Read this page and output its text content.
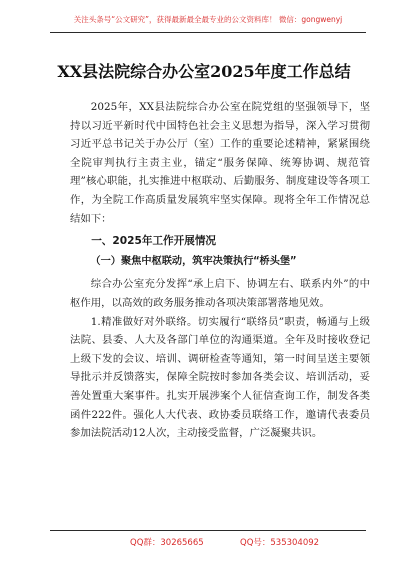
关注头条号“公文研究”，获得最新最全最专业的公文资料库！ 微信：gongwenyj
XX县法院综合办公室2025年度工作总结

2025年，XX县法院综合办公室在院党组的坚强领导下，坚持以习近平新时代中国特色社会主义思想为指导，深入学习贯彻习近平总书记关于办公厅（室）工作的重要论述精神，紧紧围绕全院审判执行主责主业，锚定“服务保障、统筹协调、规范管理”核心职能，扎实推进中枢联动、后勤服务、制度建设等各项工作，为全院工作高质量发展筑牢坚实保障。现将全年工作情况总结如下：

一、2025年工作开展情况
（一）聚焦中枢联动，筑牢决策执行“桥头堡”

综合办公室充分发挥“承上启下、协调左右、联系内外”的中枢作用，以高效的政务服务推动各项决策部署落地见效。

1.精准做好对外联络。切实履行“联络员”职责，畅通与上级法院、县委、人大及各部门单位的沟通渠道。全年及时接收登记上级下发的会议、培训、调研检查等通知，第一时间呈送主要领导批示并反馈落实，保障全院按时参加各类会议、培训活动，妥善处置重大案事件。扎实开展涉案个人征信查询工作，制发各类函件222件。强化人大代表、政协委员联络工作，邀请代表委员参加法院活动12人次，主动接受监督，广泛凝聚共识。

QQ群：30265665	QQ号：535304092
